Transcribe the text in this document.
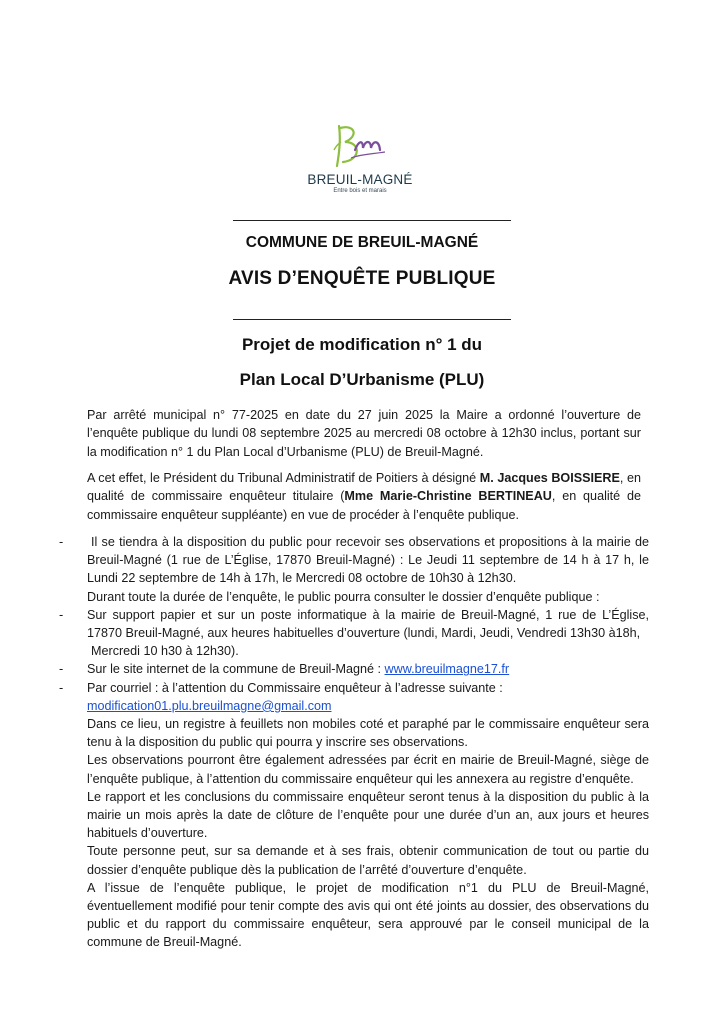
BREUIL-MAGNÉ
Entre bois et marais
COMMUNE DE BREUIL-MAGNÉ
AVIS D’ENQUÊTE PUBLIQUE
Projet de modification n° 1 du
Plan Local D’Urbanisme (PLU)
Par arrêté municipal n° 77-2025 en date du 27 juin 2025 la Maire a ordonné l’ouverture de l’enquête publique du lundi 08 septembre 2025 au mercredi 08 octobre à 12h30 inclus, portant sur la modification n° 1 du Plan Local d’Urbanisme (PLU) de Breuil-Magné.
A cet effet, le Président du Tribunal Administratif de Poitiers à désigné M. Jacques BOISSIERE, en qualité de commissaire enquêteur titulaire (Mme Marie-Christine BERTINEAU, en qualité de commissaire enquêteur suppléante) en vue de procéder à l’enquête publique.
- Il se tiendra à la disposition du public pour recevoir ses observations et propositions à la mairie de Breuil-Magné (1 rue de L’Église, 17870 Breuil-Magné) : Le Jeudi 11 septembre de 14 h à 17 h, le Lundi 22 septembre de 14h à 17h, le Mercredi 08 octobre de 10h30 à 12h30.
Durant toute la durée de l’enquête, le public pourra consulter le dossier d’enquête publique :
- Sur support papier et sur un poste informatique à la mairie de Breuil-Magné, 1 rue de L’Église, 17870 Breuil-Magné, aux heures habituelles d’ouverture (lundi, Mardi, Jeudi, Vendredi 13h30 à18h,
Mercredi 10 h30 à 12h30).
- Sur le site internet de la commune de Breuil-Magné : www.breuilmagne17.fr
- Par courriel : à l’attention du Commissaire enquêteur à l’adresse suivante :
modification01.plu.breuilmagne@gmail.com
Dans ce lieu, un registre à feuillets non mobiles coté et paraphé par le commissaire enquêteur sera tenu à la disposition du public qui pourra y inscrire ses observations.
Les observations pourront être également adressées par écrit en mairie de Breuil-Magné, siège de l’enquête publique, à l’attention du commissaire enquêteur qui les annexera au registre d’enquête.
Le rapport et les conclusions du commissaire enquêteur seront tenus à la disposition du public à la mairie un mois après la date de clôture de l’enquête pour une durée d’un an, aux jours et heures habituels d’ouverture.
Toute personne peut, sur sa demande et à ses frais, obtenir communication de tout ou partie du dossier d’enquête publique dès la publication de l’arrêté d’ouverture d’enquête.
A l’issue de l’enquête publique, le projet de modification n°1 du PLU de Breuil-Magné, éventuellement modifié pour tenir compte des avis qui ont été joints au dossier, des observations du public et du rapport du commissaire enquêteur, sera approuvé par le conseil municipal de la commune de Breuil-Magné.
